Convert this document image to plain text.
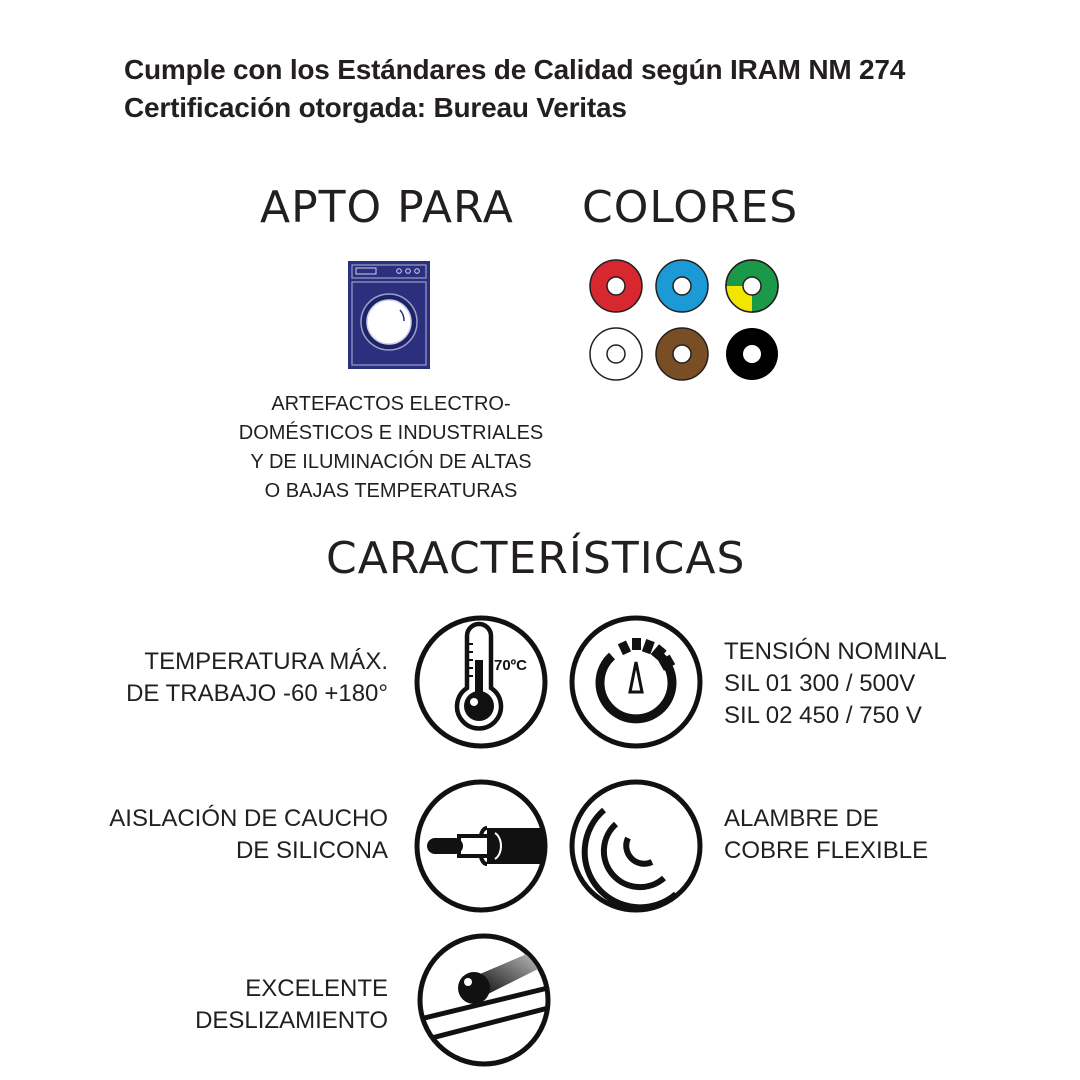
Cumple con los Estándares de Calidad según IRAM NM 274
Certificación otorgada: Bureau Veritas
APTO PARA
ARTEFACTOS ELECTRO-
DOMÉSTICOS E INDUSTRIALES
Y DE ILUMINACIÓN DE ALTAS
O BAJAS TEMPERATURAS
COLORES
CARACTERÍSTICAS
TEMPERATURA MÁX.
DE TRABAJO -60 +180°
70ºC
TENSIÓN NOMINAL
SIL 01 300 / 500V
SIL 02 450 / 750 V
AISLACIÓN DE CAUCHO
DE SILICONA
ALAMBRE DE
COBRE FLEXIBLE
EXCELENTE
DESLIZAMIENTO
